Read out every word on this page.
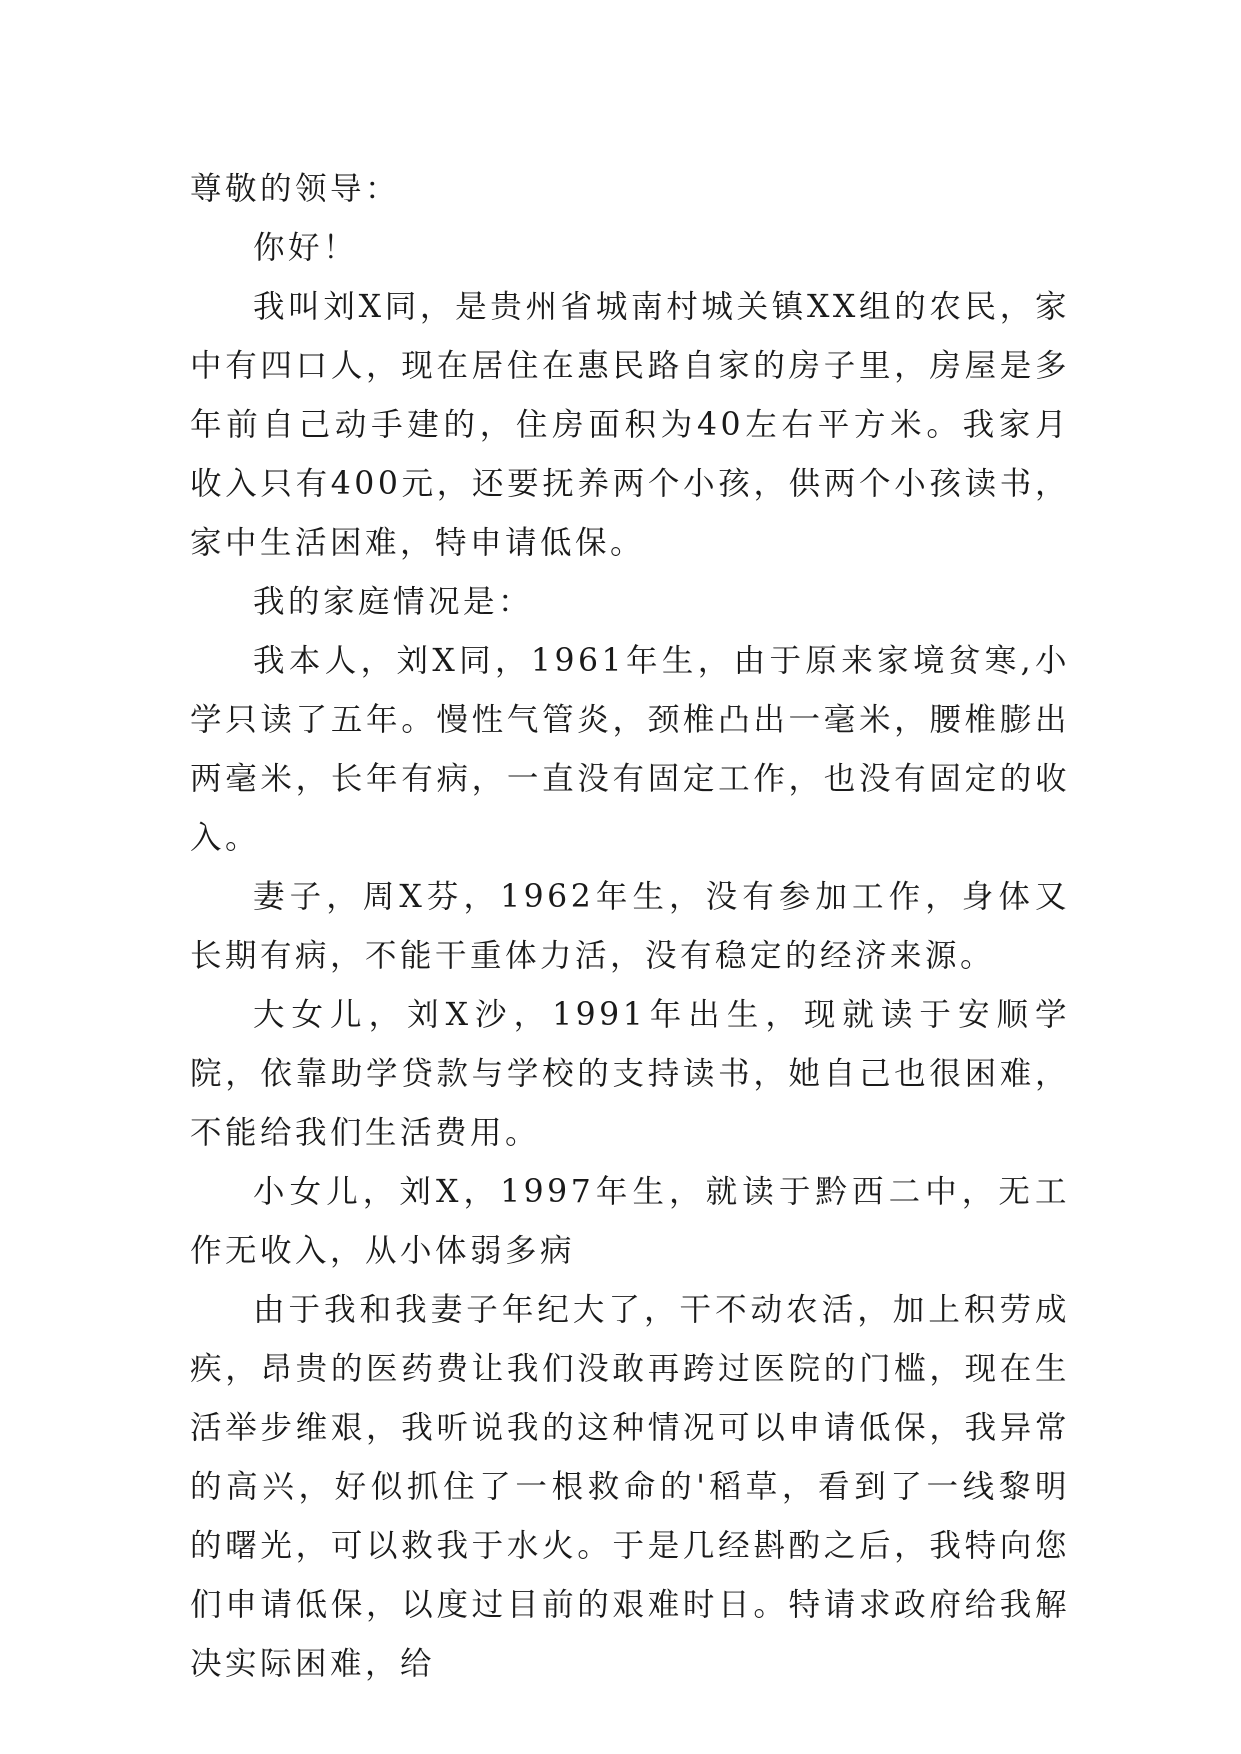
尊敬的领导：

你好！

我叫刘X同，是贵州省城南村城关镇XX组的农民，家中有四口人，现在居住在惠民路自家的房子里，房屋是多年前自己动手建的，住房面积为40左右平方米。我家月收入只有400元，还要抚养两个小孩，供两个小孩读书，家中生活困难，特申请低保。

我的家庭情况是：

我本人，刘X同，1961年生，由于原来家境贫寒,小学只读了五年。慢性气管炎，颈椎凸出一毫米，腰椎膨出两毫米，长年有病，一直没有固定工作，也没有固定的收入。

妻子，周X芬，1962年生，没有参加工作，身体又长期有病，不能干重体力活，没有稳定的经济来源。

大女儿，刘X沙，1991年出生，现就读于安顺学院，依靠助学贷款与学校的支持读书，她自己也很困难，不能给我们生活费用。

小女儿，刘X，1997年生，就读于黔西二中，无工作无收入，从小体弱多病

由于我和我妻子年纪大了，干不动农活，加上积劳成疾，昂贵的医药费让我们没敢再跨过医院的门槛，现在生活举步维艰，我听说我的这种情况可以申请低保，我异常的高兴，好似抓住了一根救命的'稻草，看到了一线黎明的曙光，可以救我于水火。于是几经斟酌之后，我特向您们申请低保，以度过目前的艰难时日。特请求政府给我解决实际困难，给
